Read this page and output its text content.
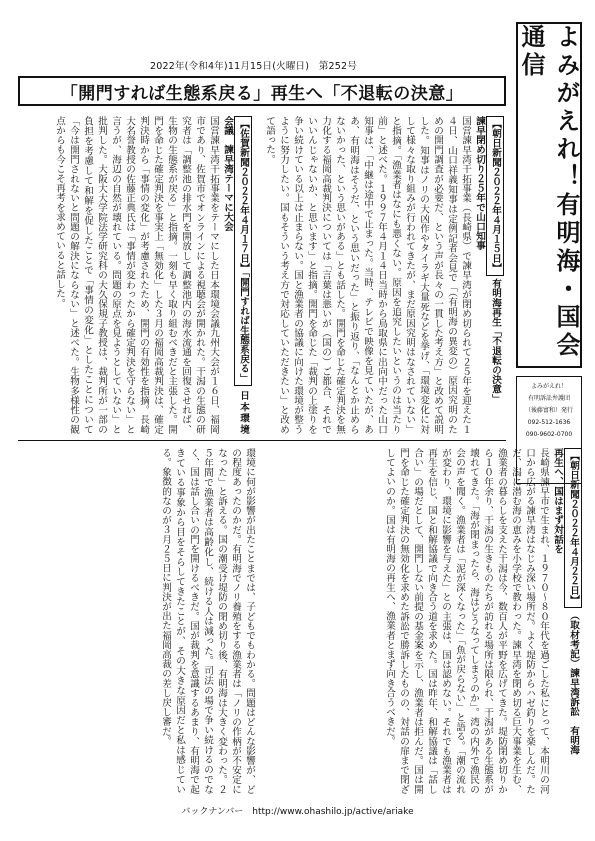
2022年(令和4年)11月15日(火曜日)　第252号
「開門すれば生態系戻る」再生へ「不退転の決意」	よみがえれ！有明海・国会通信
よみがえれ！
有明訴訟弁護団
（後藤富和）発行
092-512-1636
090-9602-0700
【朝日新聞２０２２年４月１５日】 有明海再生「不退転の決意」
諫早閉め切り２５年で山口知事
国営諫早湾干拓事業（長崎県）で諫早湾が閉め切られて２５年を迎えた１４日、山口祥義知事は定例記者会見で「（有明海の異変の）原因究明のための開門調査が必要だ、という声が長々の一貫した考え方」と改めて説明した。知事はノリの大凶作やタイラギ大量死などを挙げ、「環境変化に対して様々な取り組みが行われてきたが、まだ原因究明はなされていない」と指摘。「漁業者はなにも悪くない。原因を追究したいというのは当たり前」と述べた。１９９７年４月１４日当時から鳥取県に出向中だった山口知事は、「中継は途中で止まった。当時、テレビで映像を見ていたが、ああ、有明海はそうだ、という思いだった」と振り返り、「なんとか止めらないかった、という思いがある」とも話した。開門を命じた確定判決を無力化する福岡高裁判決については「言葉は悪いが（国の）ご都合、それでいいんじゃないか、と思います」と指摘。開門を命じた「裁判の上塗りを争い続けている以上は止まらない。国と漁業者の協議に向けた環境が整うように努力したい。国もそういう考え方で対応していただきたい」と改めて語った。
【佐賀新聞２０２２年４月１７日】「開門すれば生態系戻る」 日本環境会議　諫早湾テーマに大会
国営諫早湾干拓事業をテーマにした日本環境会議九州大会が１６日、福岡市であり、佐賀市でオンラインによる視聴会が開かれた。干潟の生態の研究者は「調整池の排水門を開放して調整池内の海水流通を回復させれば、生物の生態系が戻る」と指摘。一刻も早く取り組むべきだと主張した。開門を命じた確定判決を事実上「無効化」した３月の福岡高裁判決は、確定判決時から「事情の変化」が考慮されたため、開門の有効性を指摘。長崎大名誉教授の佐藤正典氏は「事情が変わったから確定判決を守らない」と言うが、海辺の自然が壊れている。問題の原点を見ようとしていない」と批判した。大阪大大学院法学研究科の大久保規子教授は、裁判所が一部の負担を考慮して和解を促したことで「事情の変化」としたことについて「今は開門されないと問題の解決にならない」と述べた。生物多様性の観点からも今こそ再考を求めていると話した。
【朝日新聞２０２２年４月２２日】 （取材考記）諫早湾訴訟　有明海
再生へ、国はまず対話を
長崎県諫早市で生まれ、１９７０〜８０年代を過ごした私にとって、本明川の河口から広がる諫早湾はなじみ深い場所だ。よく堤防からハゼ釣りを楽しんだ。ただ、潟に潜む海の恵みを小学校で教わった。諫早湾を閉め切る巨大事業を生む、漁業者の暮らしを支えた干潟は今、数百人が平野を広げてきた。堤防閉め切りから１０年余り、干潟の生きものたちが訪れる場所は限られ、干潟がある生態系が壊れてきた。「海が閉まったら、海はどうなってしまうのか」。湾の内外で漁民の会の声を聞く。漁業者は「泥が深くなった」「魚が戻らない」と語る。「潮の流れが変わり、環境に影響を与えた」との主張は、国は認めない。それでも漁業者は再生を信じ、国と和解協議で向き合う道を求めた。国は昨年、和解協議は「話し合い」の場だとして、開門しない前提の基金案を示し、漁業者は拒んだ。国は開門を命じた確定判決の無効化を求めた訴訟で勝訴したものの、対話の扉まで閉ざしてよいのか。国は有明海の再生へ、漁業者とまず向き合うべきだ。
環境に何が影響が出たことまでは、子どもでもわかる。問題はどんな影響が、どの程度あったのかだ。有明海でノリ養殖をする漁業者は「ノリの作柄が不安定になった」と訴える。国の潮受け堤防の閉め切り後、有明海は大きく変わった。２５年間で漁業者は高齢化し、続ける人は減った。司法の場で争い続けるのでなく、国は話し合いの門を開けるべきだ。国が裁判を意識するあまり、有明海で起きている事象から目をそらしてきたことが、その大きな原因だと私は感じている。象徴的なのが３月２５日に判決が出た福岡高裁の差し戻し審だ。
バックナンバー　http://www.ohashilo.jp/active/ariake
